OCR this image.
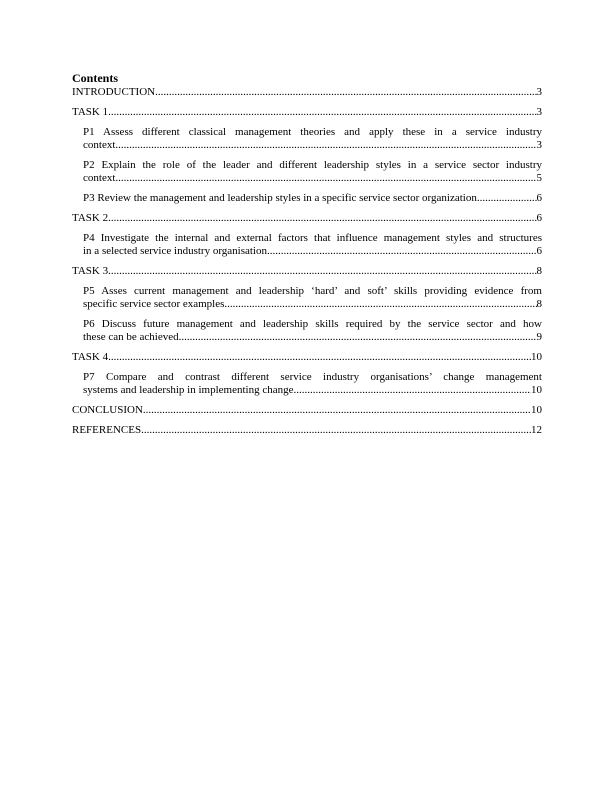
Contents
INTRODUCTION .....	3
TASK 1 .....	3
P1 Assess different classical management theories and apply these in a service industry
context .....	3
P2 Explain the role of the leader and different leadership styles in a service sector industry
context .....	5
P3 Review the management and leadership styles in a specific service sector organization .....	6
TASK 2 .....	6
P4 Investigate the internal and external factors that influence management styles and structures
in a selected service industry organisation .....	6
TASK 3 .....	8
P5 Asses current management and leadership ‘hard’ and soft’ skills providing evidence from
specific service sector examples .....	8
P6 Discuss future management and leadership skills required by the service sector and how
these can be achieved .....	9
TASK 4 .....	10
P7 Compare and contrast different service industry organisations’ change management
systems and leadership in implementing change .....	10
CONCLUSION .....	10
REFERENCES .....	12
